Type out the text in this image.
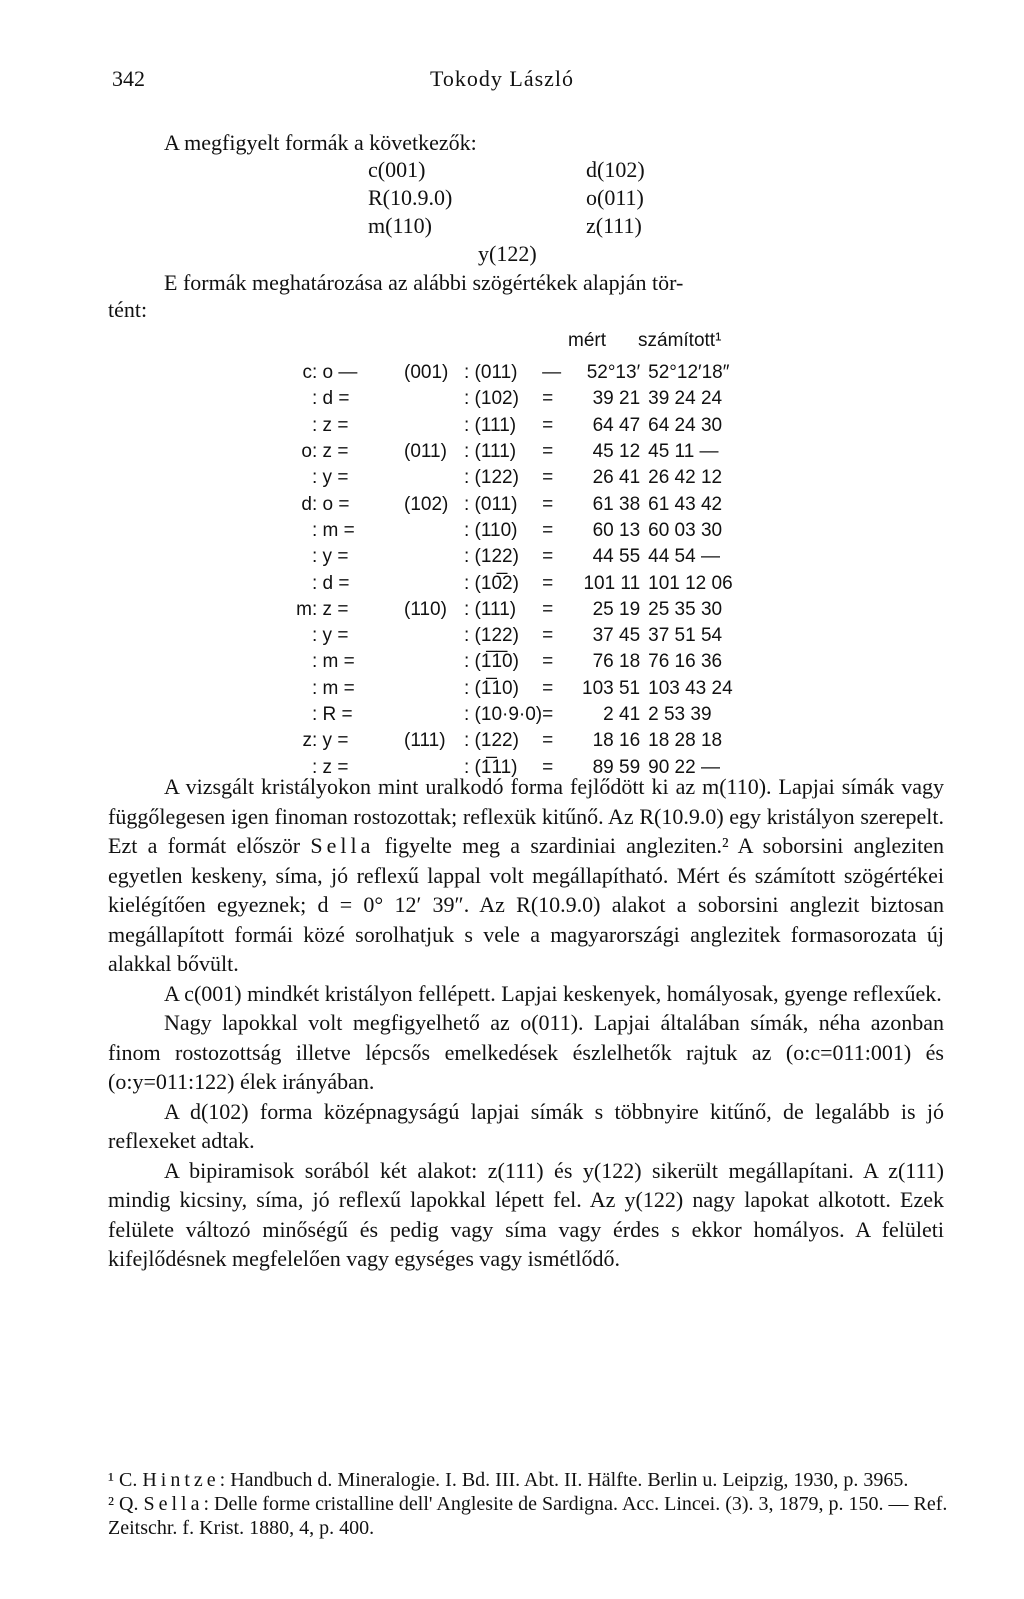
342	Tokody László
A megfigyelt formák a következők:
c(001)	d(102)
R(10.9.0)	o(011)
m(110)	z(111)
y(122)
E formák meghatározása az alábbi szögértékek alapján tör-
tént:
mért számított¹
c	: o —	(001)	: (011)	—	52°13′	52°12′18″
	: d =		: (102)	=	39 21	39 24 24
	: z =		: (111)	=	64 47	64 24 30
o	: z =	(011)	: (111)	=	45 12	45 11 —
	: y =		: (122)	=	26 41	26 42 12
d	: o =	(102)	: (011)	=	61 38	61 43 42
	: m =		: (110)	=	60 13	60 03 30
	: y =		: (122)	=	44 55	44 54 —
	: d =		: (10̅2)	=	101 11	101 12 06
m	: z =	(110)	: (111)	=	25 19	25 35 30
	: y =		: (122)	=	37 45	37 51 54
	: m =		: (1̅1̅0)	=	76 18	76 16 36
	: m =		: (1̅10)	=	103 51	103 43 24
	: R =		: (10·9·0)	=	2 41	2 53 39
z	: y =	(111)	: (122)	=	18 16	18 28 18
	: z =		: (1̅11)	=	89 59	90 22 —

A vizsgált kristályokon mint uralkodó forma fejlődött ki az m(110). Lapjai símák vagy függőlegesen igen finoman rostozottak; reflexük kitűnő. Az R(10.9.0) egy kristályon szerepelt. Ezt a formát először Sella figyelte meg a szardiniai angleziten.² A soborsini angleziten egyetlen keskeny, síma, jó reflexű lappal volt megállapítható. Mért és számított szögértékei kielégítően egyeznek; d = 0° 12′ 39″. Az R(10.9.0) alakot a soborsini anglezit biztosan megállapított formái közé sorolhatjuk s vele a magyarországi anglezitek formasorozata új alakkal bővült.

A c(001) mindkét kristályon fellépett. Lapjai keskenyek, homályosak, gyenge reflexűek.

Nagy lapokkal volt megfigyelhető az o(011). Lapjai általában símák, néha azonban finom rostozottság illetve lépcsős emelkedések észlelhetők rajtuk az (o:c=011:001) és (o:y=011:122) élek irányában.

A d(102) forma középnagyságú lapjai símák s többnyire kitűnő, de legalább is jó reflexeket adtak.

A bipiramisok sorából két alakot: z(111) és y(122) sikerült megállapítani. A z(111) mindig kicsiny, síma, jó reflexű lapokkal lépett fel. Az y(122) nagy lapokat alkotott. Ezek felülete változó minőségű és pedig vagy síma vagy érdes s ekkor homályos. A felületi kifejlődésnek megfelelően vagy egységes vagy ismétlődő.

¹ C. Hintze: Handbuch d. Mineralogie. I. Bd. III. Abt. II. Hälfte. Berlin u. Leipzig, 1930, p. 3965.

² Q. Sella: Delle forme cristalline dell' Anglesite de Sardigna. Acc. Lincei. (3). 3, 1879, p. 150. — Ref. Zeitschr. f. Krist. 1880, 4, p. 400.
